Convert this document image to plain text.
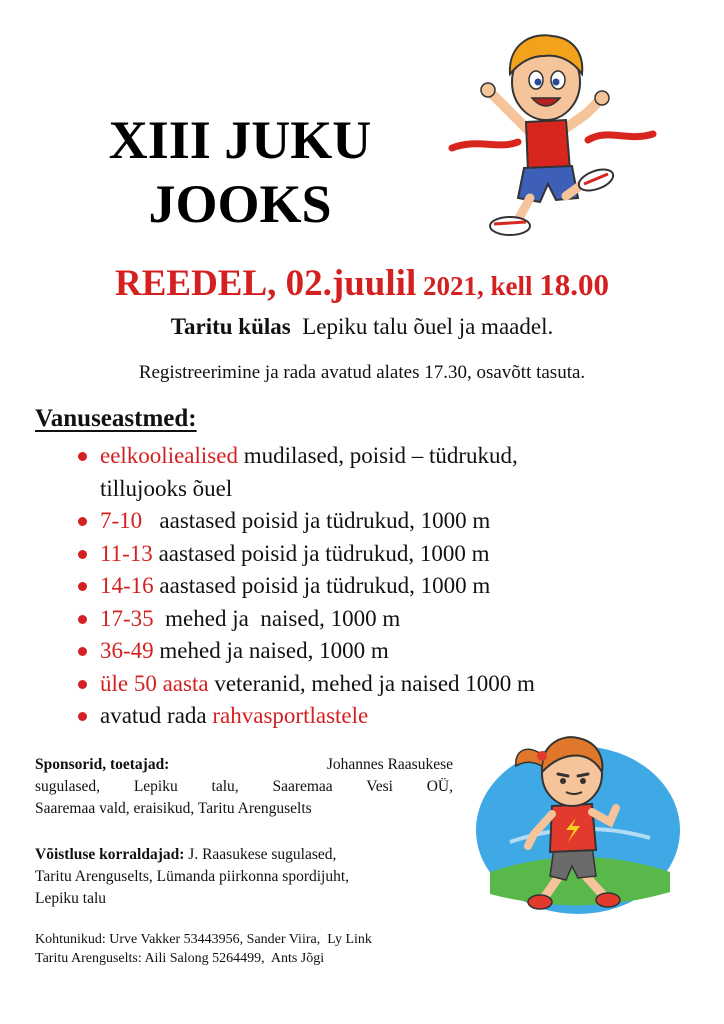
XIII JUKU
JOOKS
REEDEL, 02.juulil 2021, kell 18.00
Taritu külas  Lepiku talu õuel ja maadel.
Registreerimine ja rada avatud alates 17.30, osavõtt tasuta.
Vanuseastmed:
eelkooliealised mudilased, poisid – tüdrukud,
tillujooks õuel
7-10   aastased poisid ja tüdrukud, 1000 m
11-13 aastased poisid ja tüdrukud, 1000 m
14-16 aastased poisid ja tüdrukud, 1000 m
17-35  mehed ja  naised, 1000 m
36-49 mehed ja naised, 1000 m
üle 50 aasta veteranid, mehed ja naised 1000 m
avatud rada rahvasportlastele
Sponsorid, toetajad:	Johannes Raasukese
sugulased, Lepiku talu, Saaremaa Vesi OÜ,
Saaremaa vald, eraisikud, Taritu Arenguselts
Võistluse korraldajad: J. Raasukese sugulased,
Taritu Arenguselts, Lümanda piirkonna spordijuht,
Lepiku talu
Kohtunikud: Urve Vakker 53443956, Sander Viira,  Ly Link
Taritu Arenguselts: Aili Salong 5264499,  Ants Jõgi
